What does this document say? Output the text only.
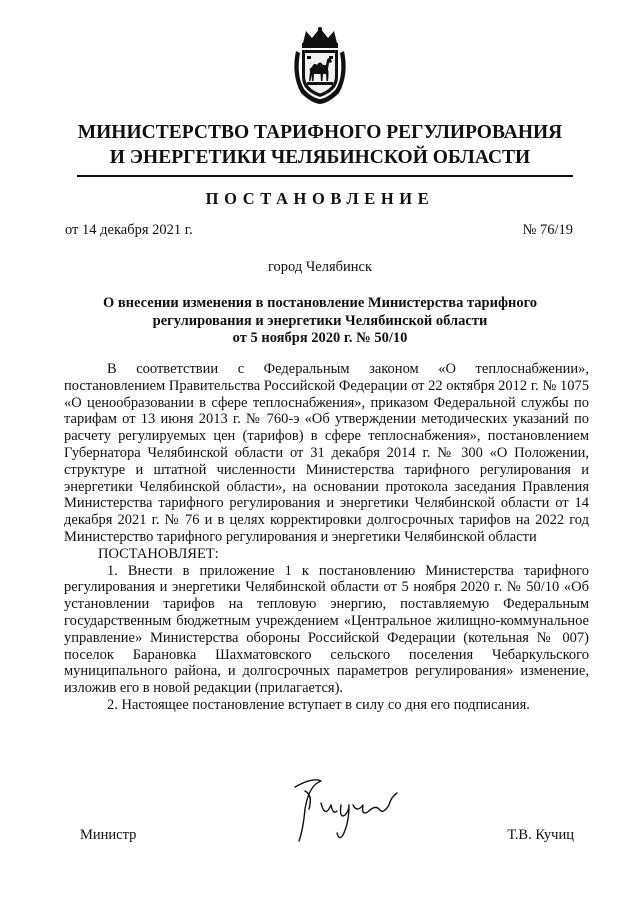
МИНИСТЕРСТВО ТАРИФНОГО РЕГУЛИРОВАНИЯ
И ЭНЕРГЕТИКИ ЧЕЛЯБИНСКОЙ ОБЛАСТИ
ПОСТАНОВЛЕНИЕ
от 14 декабря 2021 г.	№ 76/19
город Челябинск
О внесении изменения в постановление Министерства тарифного
регулирования и энергетики Челябинской области
от 5 ноября 2020 г. № 50/10

В соответствии с Федеральным законом «О теплоснабжении», постановлением Правительства Российской Федерации от 22 октября 2012 г. № 1075 «О ценообразовании в сфере теплоснабжения», приказом Федеральной службы по тарифам от 13 июня 2013 г. № 760-э «Об утверждении методических указаний по расчету регулируемых цен (тарифов) в сфере теплоснабжения», постановлением Губернатора Челябинской области от 31 декабря 2014 г. № 300 «О Положении, структуре и штатной численности Министерства тарифного регулирования и энергетики Челябинской области», на основании протокола заседания Правления Министерства тарифного регулирования и энергетики Челябинской области от 14 декабря 2021 г. № 76 и в целях корректировки долгосрочных тарифов на 2022 год Министерство тарифного регулирования и энергетики Челябинской области

ПОСТАНОВЛЯЕТ:

1. Внести в приложение 1 к постановлению Министерства тарифного регулирования и энергетики Челябинской области от 5 ноября 2020 г. № 50/10 «Об установлении тарифов на тепловую энергию, поставляемую Федеральным государственным бюджетным учреждением «Центральное жилищно-коммунальное управление» Министерства обороны Российской Федерации (котельная № 007) поселок Барановка Шахматовского сельского поселения Чебаркульского муниципального района, и долгосрочных параметров регулирования» изменение, изложив его в новой редакции (прилагается).

2. Настоящее постановление вступает в силу со дня его подписания.

Министр	Т.В. Кучиц
